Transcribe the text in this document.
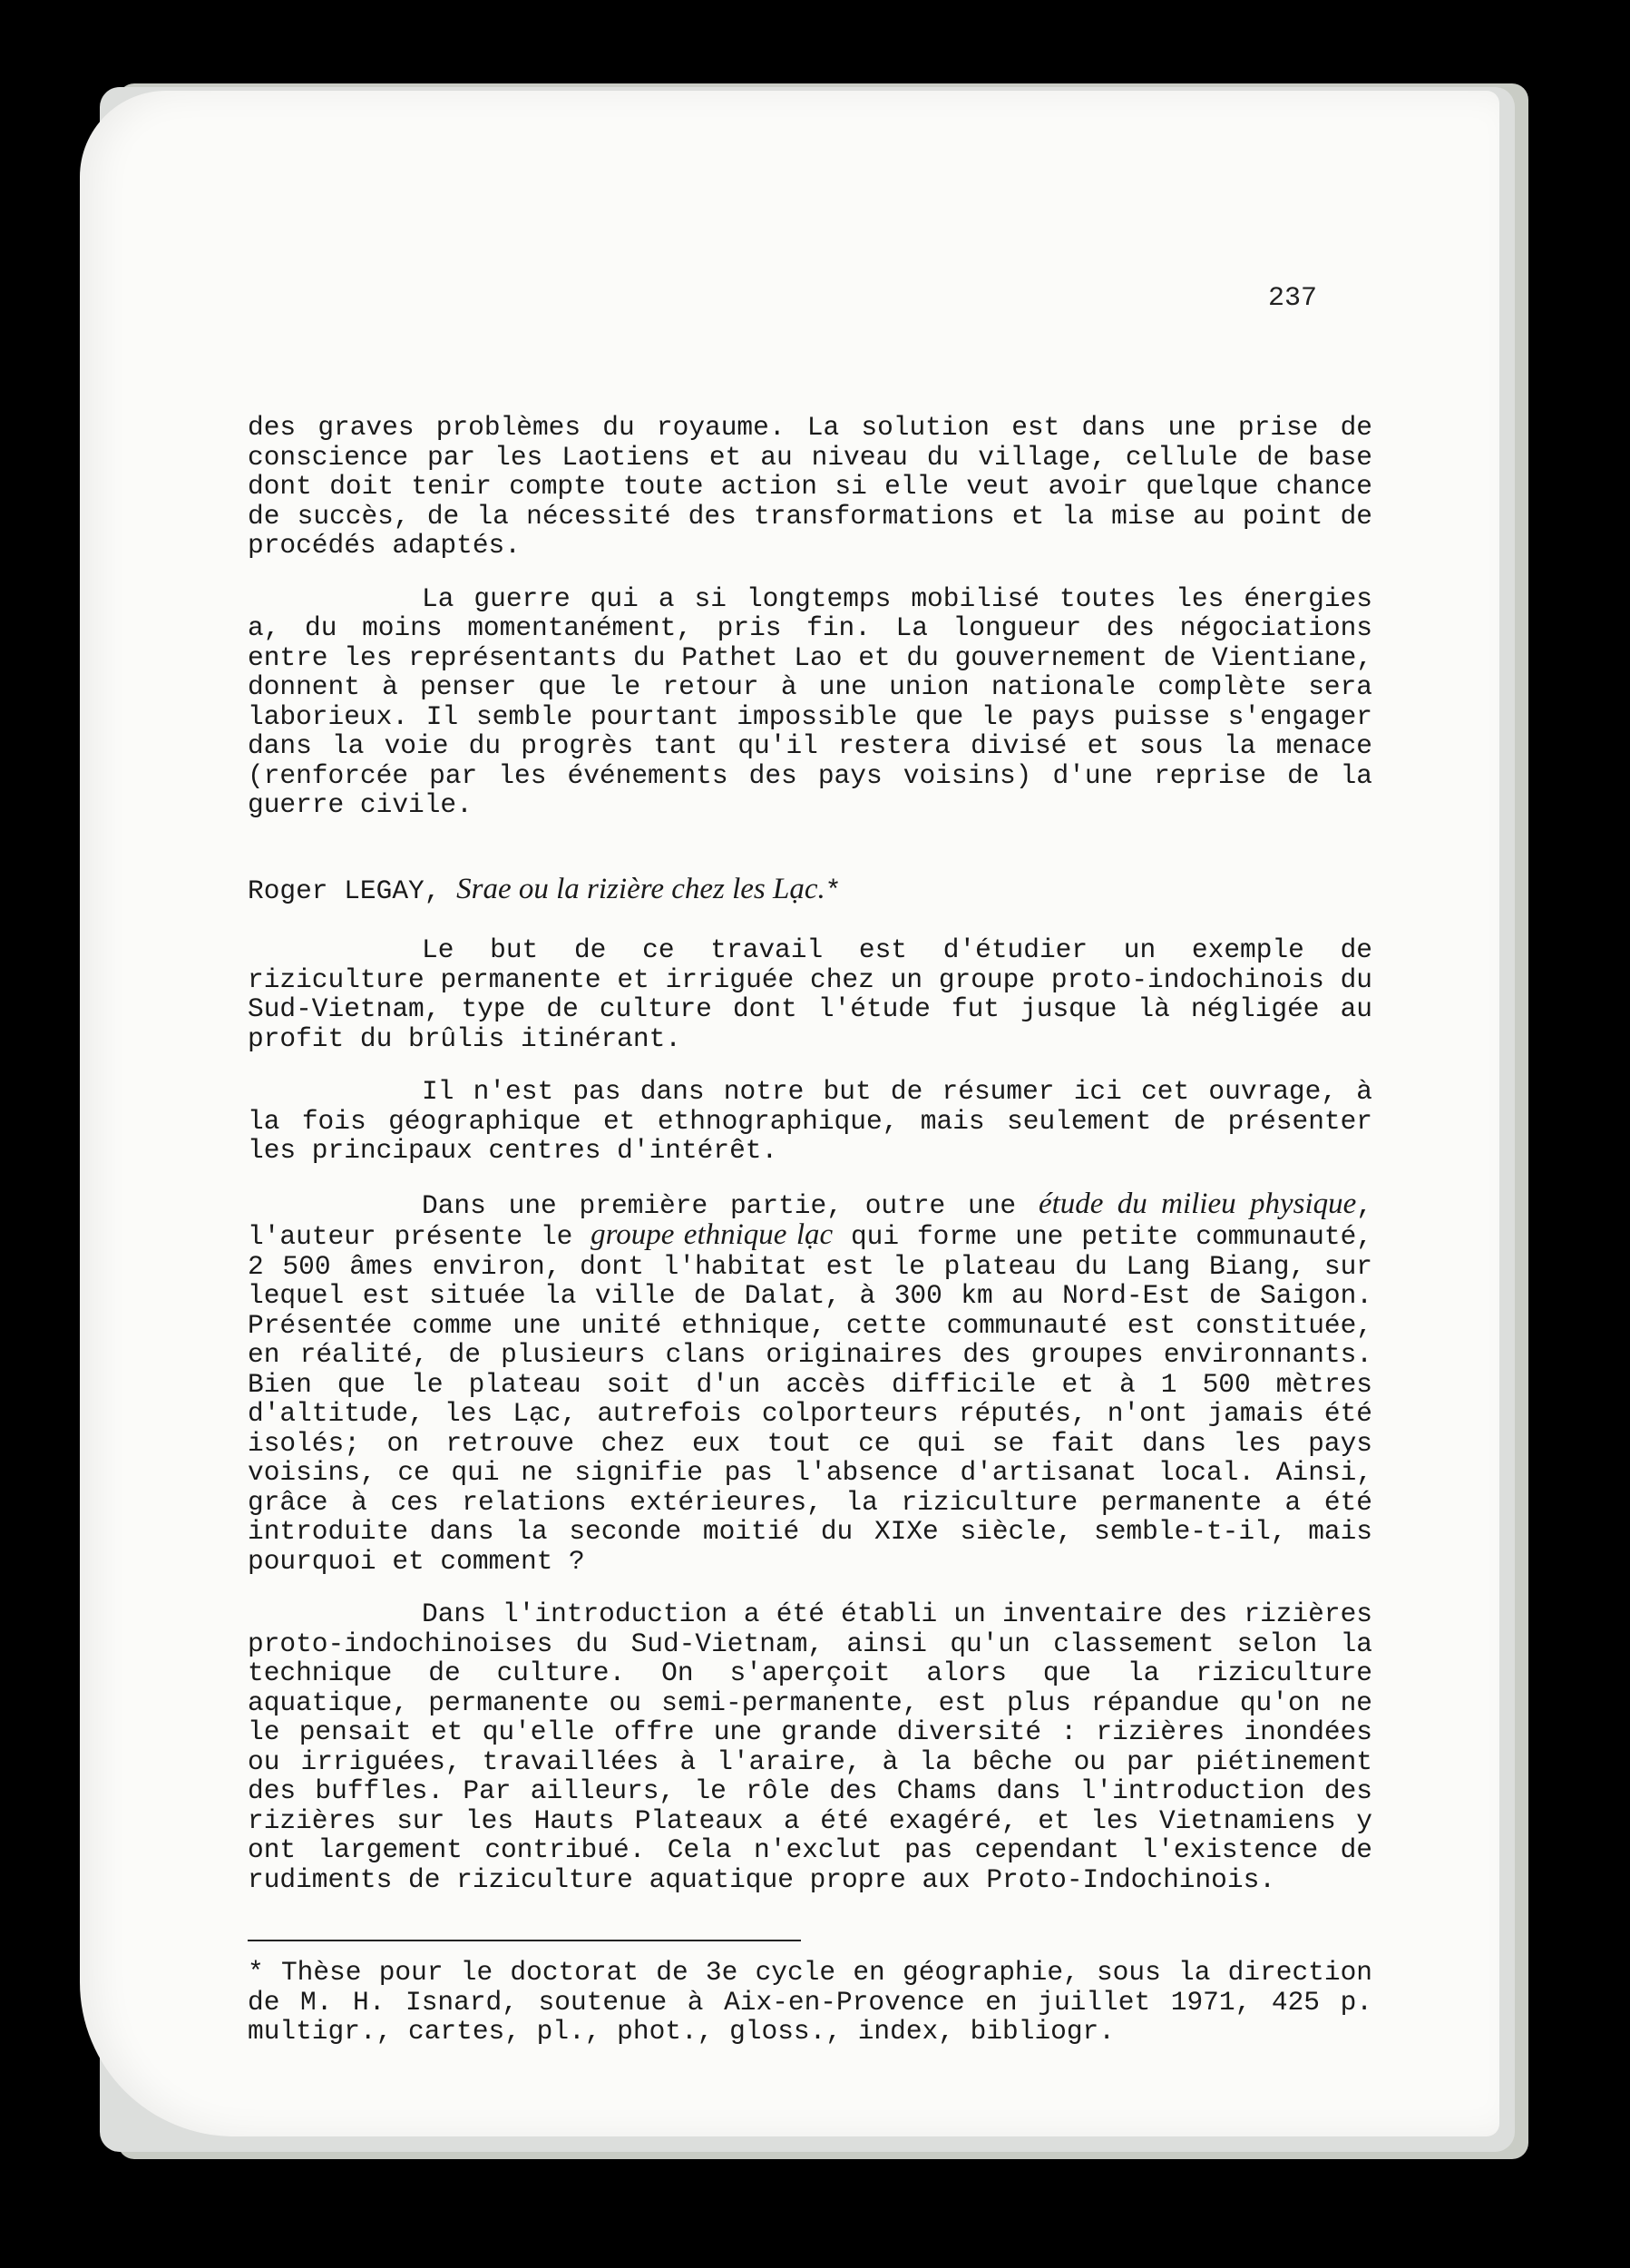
237

des graves problèmes du royaume. La solution est dans une prise de conscience par les Laotiens et au niveau du village, cellule de base dont doit tenir compte toute action si elle veut avoir quelque chance de succès, de la nécessité des transformations et la mise au point de procédés adaptés.

La guerre qui a si longtemps mobilisé toutes les énergies a, du moins momentanément, pris fin. La longueur des négociations entre les représentants du Pathet Lao et du gouvernement de Vientiane, donnent à penser que le retour à une union nationale complète sera laborieux. Il semble pourtant impossible que le pays puisse s'engager dans la voie du progrès tant qu'il restera divisé et sous la menace (renforcée par les événements des pays voisins) d'une reprise de la guerre civile.

Roger LEGAY, Srae ou la rizière chez les Lạc.*

Le but de ce travail est d'étudier un exemple de riziculture permanente et irriguée chez un groupe proto-indochinois du Sud-Vietnam, type de culture dont l'étude fut jusque là négligée au profit du brûlis itinérant.

Il n'est pas dans notre but de résumer ici cet ouvrage, à la fois géographique et ethnographique, mais seulement de présenter les principaux centres d'intérêt.

Dans une première partie, outre une étude du milieu physique, l'auteur présente le groupe ethnique lạc qui forme une petite communauté, 2 500 âmes environ, dont l'habitat est le plateau du Lang Biang, sur lequel est située la ville de Dalat, à 300 km au Nord-Est de Saigon. Présentée comme une unité ethnique, cette communauté est constituée, en réalité, de plusieurs clans originaires des groupes environnants. Bien que le plateau soit d'un accès difficile et à 1 500 mètres d'altitude, les Lạc, autrefois colporteurs réputés, n'ont jamais été isolés; on retrouve chez eux tout ce qui se fait dans les pays voisins, ce qui ne signifie pas l'absence d'artisanat local. Ainsi, grâce à ces relations extérieures, la riziculture permanente a été introduite dans la seconde moitié du XIXe siècle, semble-t-il, mais pourquoi et comment ?

Dans l'introduction a été établi un inventaire des rizières proto-indochinoises du Sud-Vietnam, ainsi qu'un classement selon la technique de culture. On s'aperçoit alors que la riziculture aquatique, permanente ou semi-permanente, est plus répandue qu'on ne le pensait et qu'elle offre une grande diversité : rizières inondées ou irriguées, travaillées à l'araire, à la bêche ou par piétinement des buffles. Par ailleurs, le rôle des Chams dans l'introduction des rizières sur les Hauts Plateaux a été exagéré, et les Vietnamiens y ont largement contribué. Cela n'exclut pas cependant l'existence de rudiments de riziculture aquatique propre aux Proto-Indochinois.

* Thèse pour le doctorat de 3e cycle en géographie, sous la direction de M. H. Isnard, soutenue à Aix-en-Provence en juillet 1971, 425 p. multigr., cartes, pl., phot., gloss., index, bibliogr.
